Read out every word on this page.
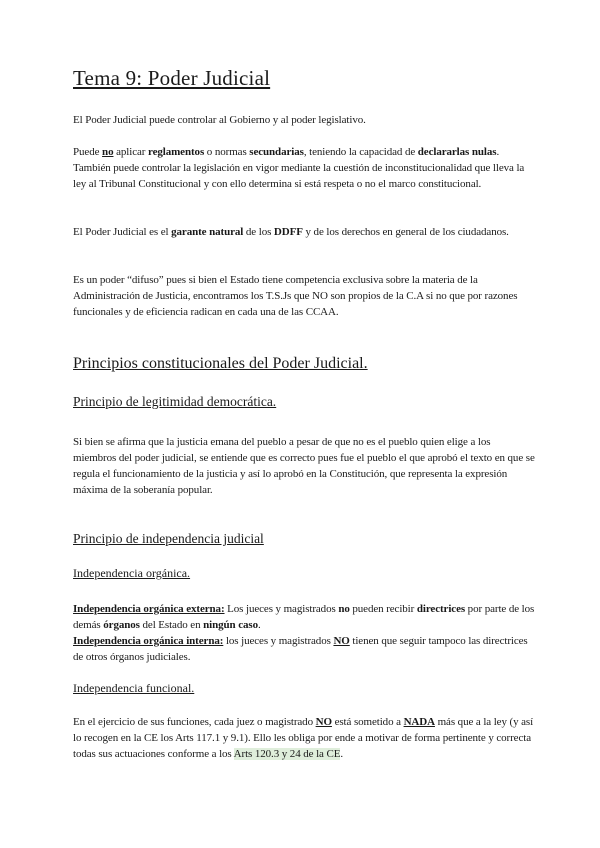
Tema 9: Poder Judicial
El Poder Judicial puede controlar al Gobierno y al poder legislativo.
Puede no aplicar reglamentos o normas secundarias, teniendo la capacidad de declararlas nulas. También puede controlar la legislación en vigor mediante la cuestión de inconstitucionalidad que lleva la ley al Tribunal Constitucional y con ello determina si está respeta o no el marco constitucional.
El Poder Judicial es el garante natural de los DDFF y de los derechos en general de los ciudadanos.
Es un poder “difuso” pues si bien el Estado tiene competencia exclusiva sobre la materia de la Administración de Justicia, encontramos los T.S.Js que NO son propios de la C.A si no que por razones funcionales y de eficiencia radican en cada una de las CCAA.
Principios constitucionales del Poder Judicial.
Principio de legitimidad democrática.
Si bien se afirma que la justicia emana del pueblo a pesar de que no es el pueblo quien elige a los miembros del poder judicial, se entiende que es correcto pues fue el pueblo el que aprobó el texto en que se regula el funcionamiento de la justicia y así lo aprobó en la Constitución, que representa la expresión máxima de la soberanía popular.
Principio de independencia judicial
Independencia orgánica.
Independencia orgánica externa: Los jueces y magistrados no pueden recibir directrices por parte de los demás órganos del Estado en ningún caso.
Independencia orgánica interna: los jueces y magistrados NO tienen que seguir tampoco las directrices de otros órganos judiciales.
Independencia funcional.
En el ejercicio de sus funciones, cada juez o magistrado NO está sometido a NADA más que a la ley (y así lo recogen en la CE los Arts 117.1 y 9.1). Ello les obliga por ende a motivar de forma pertinente y correcta todas sus actuaciones conforme a los Arts 120.3 y 24 de la CE.
